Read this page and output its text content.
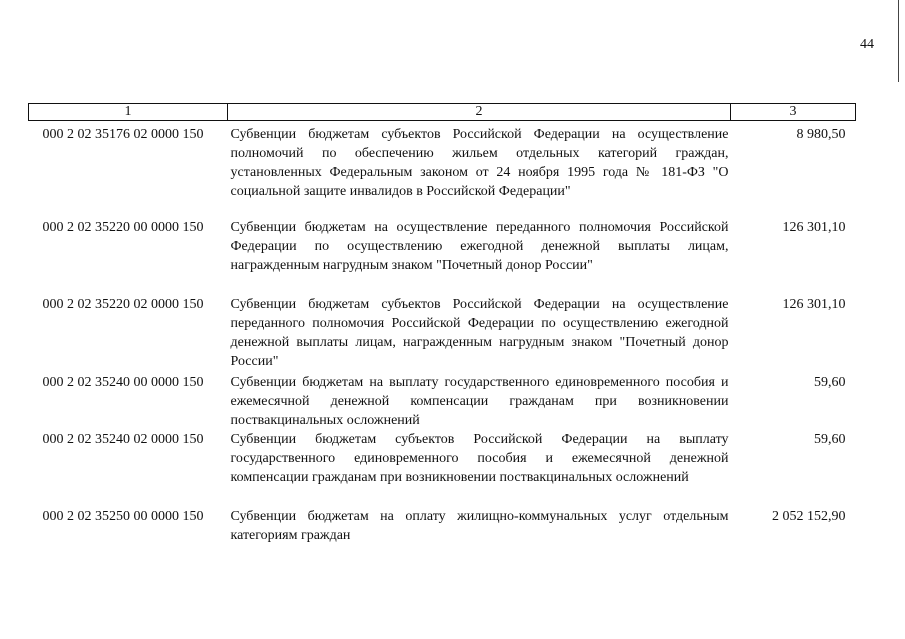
44
1	2	3
000 2 02 35176 02 0000 150	Субвенции бюджетам субъектов Российской Федерации на осуществление полномочий по обеспечению жильем отдельных категорий граждан, установленных Федеральным законом от 24 ноября 1995 года № 181-ФЗ "О социальной защите инвалидов в Российской Федерации"	8 980,50
000 2 02 35220 00 0000 150	Субвенции бюджетам на осуществление переданного полномочия Российской Федерации по осуществлению ежегодной денежной выплаты лицам, награжденным нагрудным знаком "Почетный донор России"	126 301,10
000 2 02 35220 02 0000 150	Субвенции бюджетам субъектов Российской Федерации на осуществление переданного полномочия Российской Федерации по осуществлению ежегодной денежной выплаты лицам, награжденным нагрудным знаком "Почетный донор России"	126 301,10
000 2 02 35240 00 0000 150	Субвенции бюджетам на выплату государственного единовременного пособия и ежемесячной денежной компенсации гражданам при возникновении поствакцинальных осложнений	59,60
000 2 02 35240 02 0000 150	Субвенции бюджетам субъектов Российской Федерации на выплату государственного единовременного пособия и ежемесячной денежной компенсации гражданам при возникновении поствакцинальных осложнений	59,60
000 2 02 35250 00 0000 150	Субвенции бюджетам на оплату жилищно-коммунальных услуг отдельным категориям граждан	2 052 152,90
